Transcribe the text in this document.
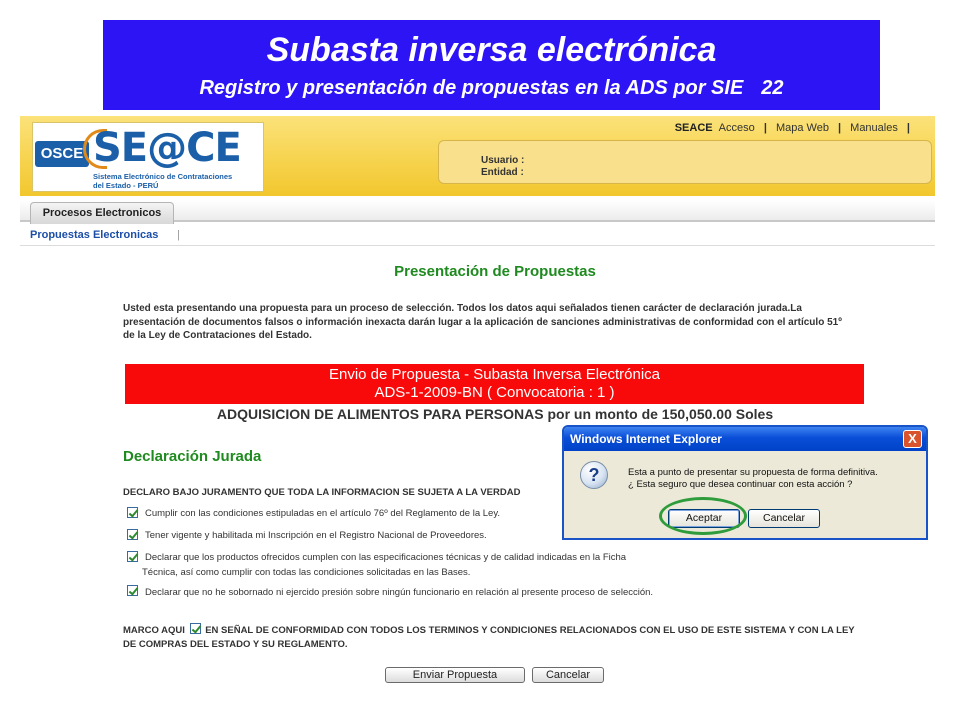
Subasta inversa electrónica
Registro y presentación de propuestas en la ADS por SIE 22
OSCE SE@CE
Sistema Electrónico de Contrataciones
del Estado - PERÚ
SEACE Acceso | Mapa Web | Manuales |
Usuario :
Entidad :
Procesos Electronicos
Propuestas Electronicas |
Presentación de Propuestas
Usted esta presentando una propuesta para un proceso de selección. Todos los datos aqui señalados tienen carácter de declaración jurada.La presentación de documentos falsos o información inexacta darán lugar a la aplicación de sanciones administrativas de conformidad con el artículo 51º de la Ley de Contrataciones del Estado.
Envio de Propuesta - Subasta Inversa Electrónica
ADS-1-2009-BN ( Convocatoria : 1 )
ADQUISICION DE ALIMENTOS PARA PERSONAS por un monto de 150,050.00 Soles
Declaración Jurada
DECLARO BAJO JURAMENTO QUE TODA LA INFORMACION SE SUJETA A LA VERDAD
Cumplir con las condiciones estipuladas en el artículo 76º del Reglamento de la Ley.
Tener vigente y habilitada mi Inscripción en el Registro Nacional de Proveedores.
Declarar que los productos ofrecidos cumplen con las especificaciones técnicas y de calidad indicadas en la Ficha
Técnica, así como cumplir con todas las condiciones solicitadas en las Bases.
Declarar que no he sobornado ni ejercido presión sobre ningún funcionario en relación al presente proceso de selección.
MARCO AQUI EN SEÑAL DE CONFORMIDAD CON TODOS LOS TERMINOS Y CONDICIONES RELACIONADOS CON EL USO DE ESTE SISTEMA Y CON LA LEY DE COMPRAS DEL ESTADO Y SU REGLAMENTO.
Enviar Propuesta	Cancelar
Windows Internet Explorer	X
?	Esta a punto de presentar su propuesta de forma definitiva.
¿ Esta seguro que desea continuar con esta acción ?
Aceptar	Cancelar
